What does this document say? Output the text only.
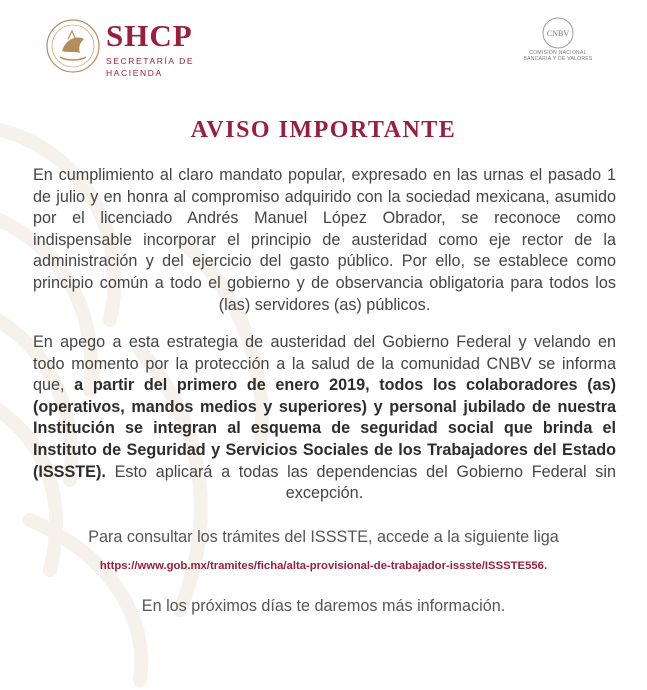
SHCP
SECRETARÍA DE HACIENDA
CNBV
COMISIÓN NACIONAL
BANCARIA Y DE VALORES
AVISO IMPORTANTE

En cumplimiento al claro mandato popular, expresado en las urnas el pasado 1 de julio y en honra al compromiso adquirido con la sociedad mexicana, asumido por el licenciado Andrés Manuel López Obrador, se reconoce como indispensable incorporar el principio de austeridad como eje rector de la administración y del ejercicio del gasto público. Por ello, se establece como principio común a todo el gobierno y de observancia obligatoria para todos los (las) servidores (as) públicos.

En apego a esta estrategia de austeridad del Gobierno Federal y velando en todo momento por la protección a la salud de la comunidad CNBV se informa que, a partir del primero de enero 2019, todos los colaboradores (as) (operativos, mandos medios y superiores) y personal jubilado de nuestra Institución se integran al esquema de seguridad social que brinda el Instituto de Seguridad y Servicios Sociales de los Trabajadores del Estado (ISSSTE). Esto aplicará a todas las dependencias del Gobierno Federal sin excepción.

Para consultar los trámites del ISSSTE, accede a la siguiente liga

https://www.gob.mx/tramites/ficha/alta-provisional-de-trabajador-issste/ISSSTE556.

En los próximos días te daremos más información.
